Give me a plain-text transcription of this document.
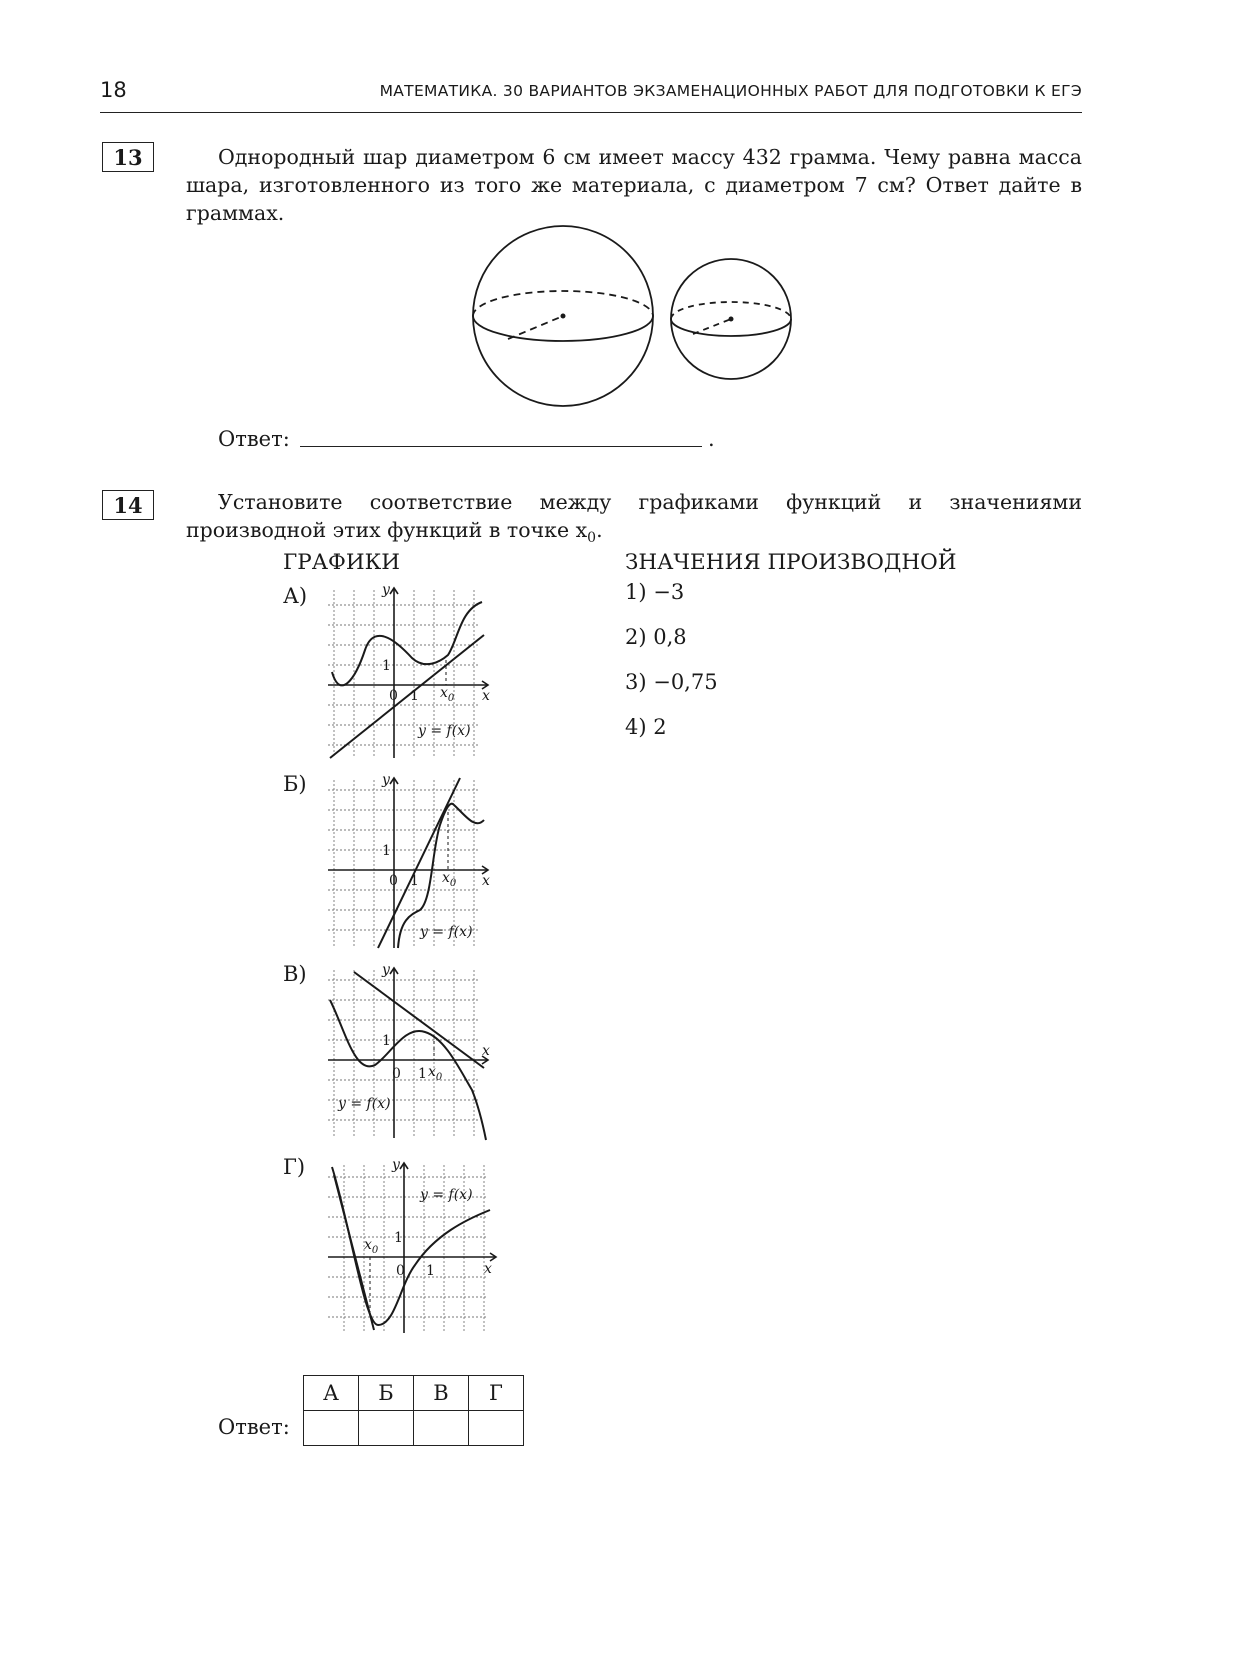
18	МАТЕМАТИКА. 30 ВАРИАНТОВ ЭКЗАМЕНАЦИОННЫХ РАБОТ ДЛЯ ПОДГОТОВКИ К ЕГЭ
13	Однородный шар диаметром 6 см имеет массу 432 грамма. Чему равна масса шара, изготовленного из того же материала, с диаметром 7 см? Ответ дайте в граммах.
Ответ:	.
14	Установите соответствие между графиками функций и значениями производной этих функций в точке $x_0$.
ГРАФИКИ	ЗНАЧЕНИЯ ПРОИЗВОДНОЙ
1) −3
2) 0,8
3) −0,75
4) 2
А)	y
x
1
0 1 $x_0$
y = f(x)
Б)	y
x
1
0 1 $x_0$
y = f(x)
В)	y
x
1
0 1 $x_0$
y = f(x)
Г)	y
x
1
0 1
$x_0$
y = f(x)
Ответ:
А	Б	В	Г
